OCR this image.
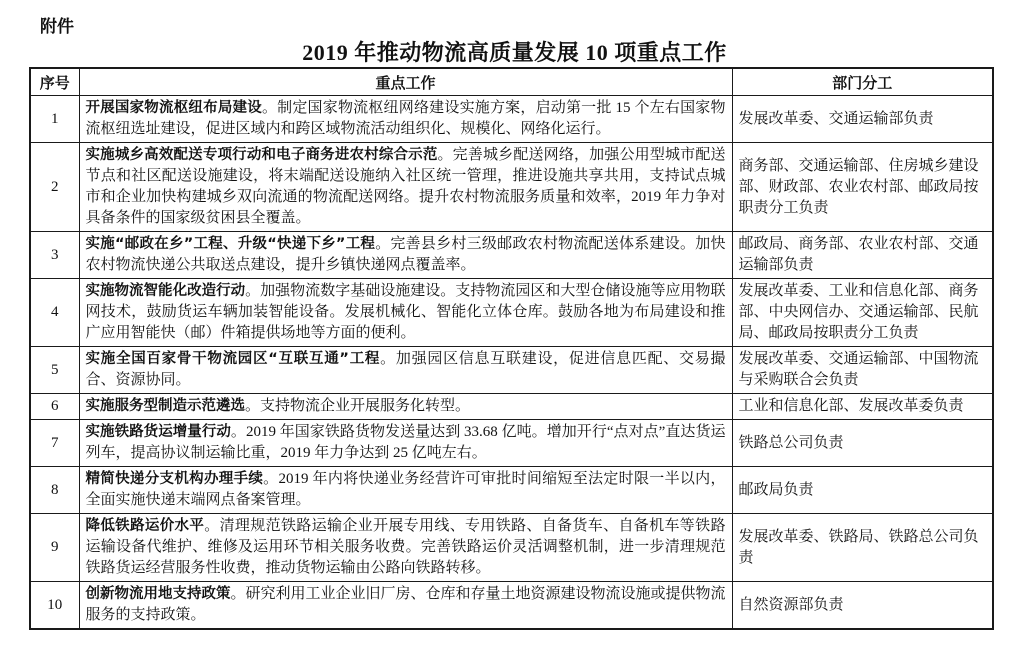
附件
2019 年推动物流高质量发展 10 项重点工作
序号	重点工作	部门分工
1	开展国家物流枢纽布局建设。制定国家物流枢纽网络建设实施方案，启动第一批 15 个左右国家物流枢纽选址建设，促进区域内和跨区域物流活动组织化、规模化、网络化运行。	发展改革委、交通运输部负责
2	实施城乡高效配送专项行动和电子商务进农村综合示范。完善城乡配送网络，加强公用型城市配送节点和社区配送设施建设，将末端配送设施纳入社区统一管理，推进设施共享共用，支持试点城市和企业加快构建城乡双向流通的物流配送网络。提升农村物流服务质量和效率，2019 年力争对具备条件的国家级贫困县全覆盖。	商务部、交通运输部、住房城乡建设部、财政部、农业农村部、邮政局按职责分工负责
3	实施“邮政在乡”工程、升级“快递下乡”工程。完善县乡村三级邮政农村物流配送体系建设。加快农村物流快递公共取送点建设，提升乡镇快递网点覆盖率。	邮政局、商务部、农业农村部、交通运输部负责
4	实施物流智能化改造行动。加强物流数字基础设施建设。支持物流园区和大型仓储设施等应用物联网技术，鼓励货运车辆加装智能设备。发展机械化、智能化立体仓库。鼓励各地为布局建设和推广应用智能快（邮）件箱提供场地等方面的便利。	发展改革委、工业和信息化部、商务部、中央网信办、交通运输部、民航局、邮政局按职责分工负责
5	实施全国百家骨干物流园区“互联互通”工程。加强园区信息互联建设，促进信息匹配、交易撮合、资源协同。	发展改革委、交通运输部、中国物流与采购联合会负责
6	实施服务型制造示范遴选。支持物流企业开展服务化转型。	工业和信息化部、发展改革委负责
7	实施铁路货运增量行动。2019 年国家铁路货物发送量达到 33.68 亿吨。增加开行“点对点”直达货运列车，提高协议制运输比重，2019 年力争达到 25 亿吨左右。	铁路总公司负责
8	精简快递分支机构办理手续。2019 年内将快递业务经营许可审批时间缩短至法定时限一半以内，全面实施快递末端网点备案管理。	邮政局负责
9	降低铁路运价水平。清理规范铁路运输企业开展专用线、专用铁路、自备货车、自备机车等铁路运输设备代维护、维修及运用环节相关服务收费。完善铁路运价灵活调整机制，进一步清理规范铁路货运经营服务性收费，推动货物运输由公路向铁路转移。	发展改革委、铁路局、铁路总公司负责
10	创新物流用地支持政策。研究利用工业企业旧厂房、仓库和存量土地资源建设物流设施或提供物流服务的支持政策。	自然资源部负责
